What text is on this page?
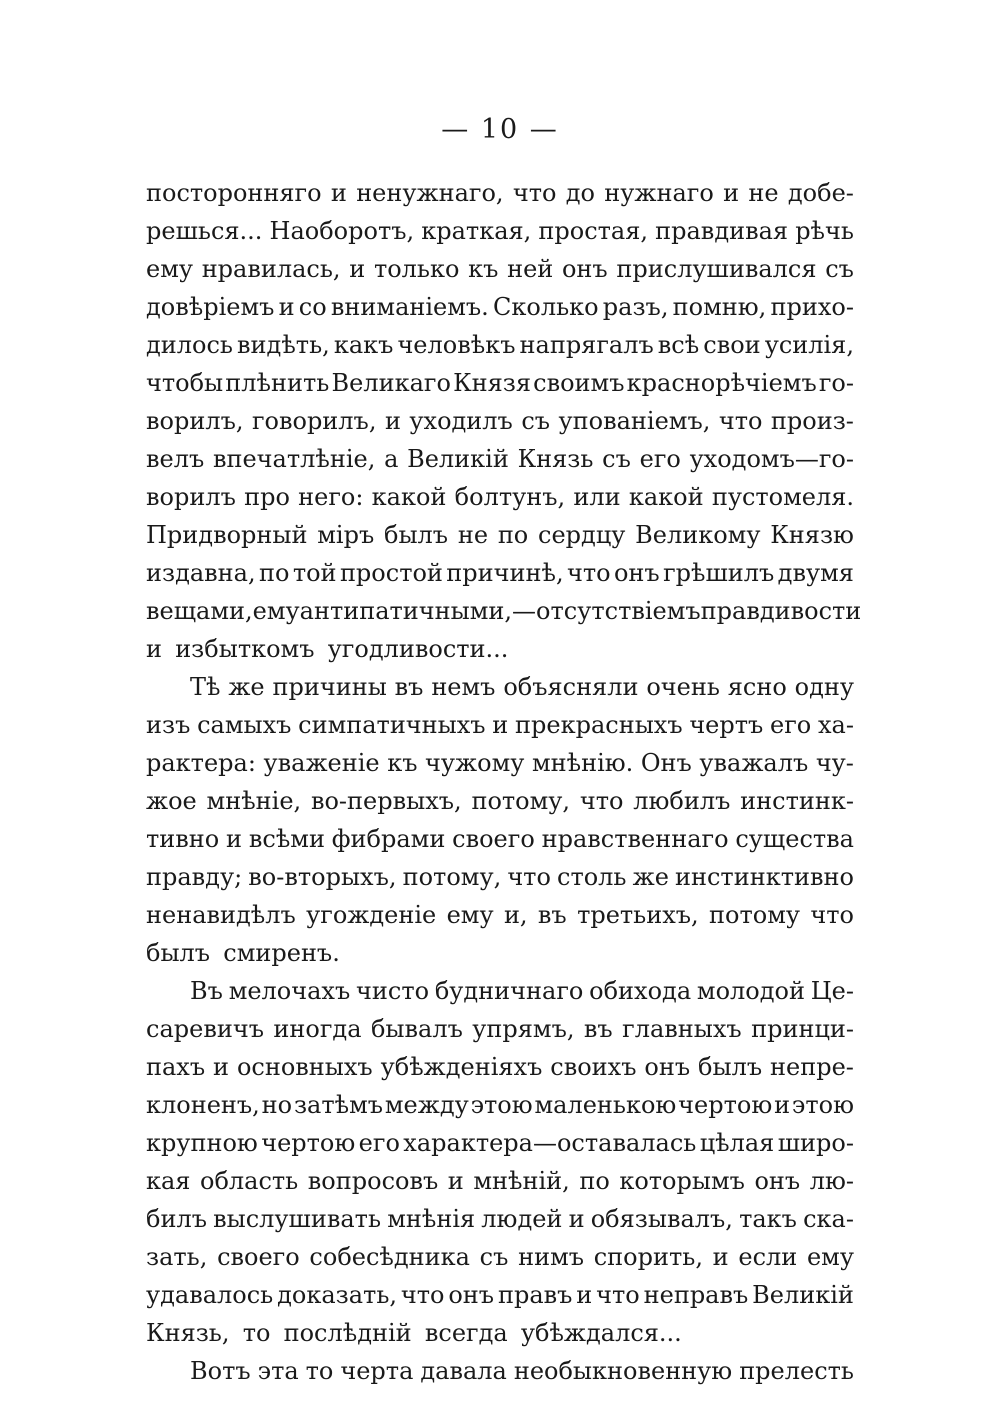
— 10 —
посторонняго и ненужнаго, что до нужнаго и не добе-
решься... Наоборотъ, краткая, простая, правдивая рѣчь
ему нравилась, и только къ ней онъ прислушивался съ
довѣріемъ и со вниманіемъ. Сколько разъ, помню, прихо-
дилось видѣть, какъ человѣкъ напрягалъ всѣ свои усилія,
чтобы плѣнить Великаго Князя своимъ краснорѣчіемъ го-
ворилъ, говорилъ, и уходилъ съ упованіемъ, что произ-
велъ впечатлѣніе, а Великій Князь съ его уходомъ—го-
ворилъ про него: какой болтунъ, или какой пустомеля.
Придворный міръ былъ не по сердцу Великому Князю
издавна, по той простой причинѣ, что онъ грѣшилъ двумя
вещами, ему антипатичными,—отсутствіемъ правдивости
и избыткомъ угодливости...
Тѣ же причины въ немъ объясняли очень ясно одну
изъ самыхъ симпатичныхъ и прекрасныхъ чертъ его ха-
рактера: уваженіе къ чужому мнѣнію. Онъ уважалъ чу-
жое мнѣніе, во-первыхъ, потому, что любилъ инстинк-
тивно и всѣми фибрами своего нравственнаго существа
правду; во-вторыхъ, потому, что столь же инстинктивно
ненавидѣлъ угожденіе ему и, въ третьихъ, потому что
былъ смиренъ.
Въ мелочахъ чисто будничнаго обихода молодой Це-
саревичъ иногда бывалъ упрямъ, въ главныхъ принци-
пахъ и основныхъ убѣжденіяхъ своихъ онъ былъ непре-
клоненъ, но затѣмъ между этою маленькою чертою и этою
крупною чертою его характера—оставалась цѣлая широ-
кая область вопросовъ и мнѣній, по которымъ онъ лю-
билъ выслушивать мнѣнія людей и обязывалъ, такъ ска-
зать, своего собесѣдника съ нимъ спорить, и если ему
удавалось доказать, что онъ правъ и что неправъ Великій
Князь, то послѣдній всегда убѣждался...
Вотъ эта то черта давала необыкновенную прелесть
